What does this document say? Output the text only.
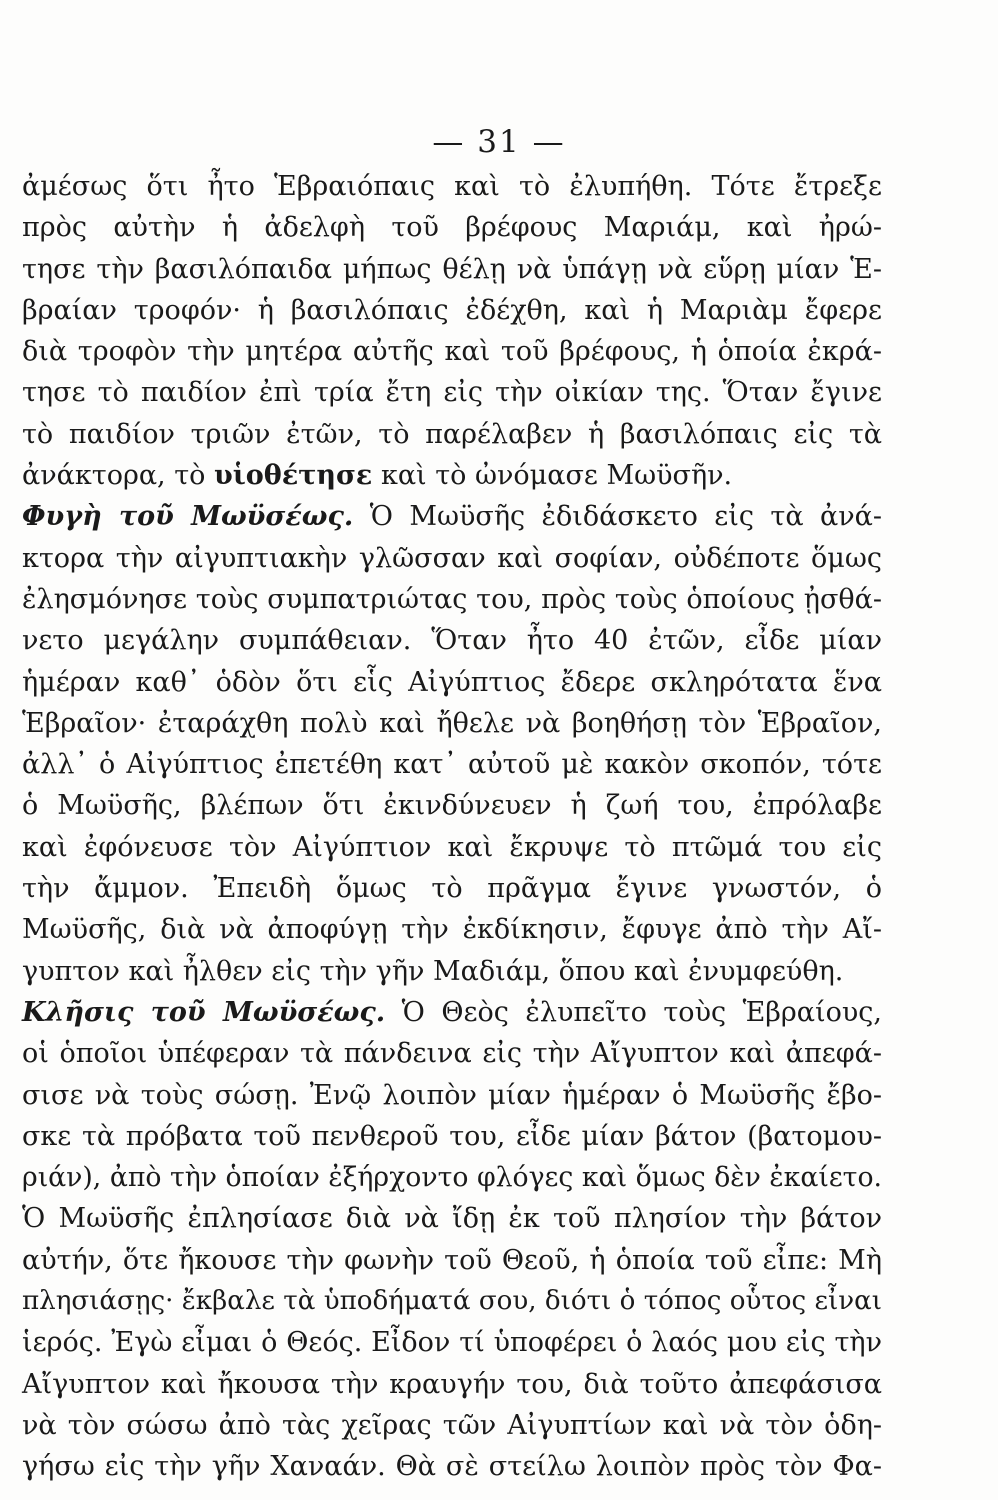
— 31 —
ἀμέσως ὅτι ἦτο Ἑβραιόπαις καὶ τὸ ἐλυπήθη. Τότε ἔτρεξε
πρὸς αὐτὴν ἡ ἀδελφὴ τοῦ βρέφους Μαριάμ, καὶ ἠρώ-
τησε τὴν βασιλόπαιδα μήπως θέλῃ νὰ ὑπάγῃ νὰ εὕρῃ μίαν Ἑ-
βραίαν τροφόν· ἡ βασιλόπαις ἐδέχθη, καὶ ἡ Μαριὰμ ἔφερε
διὰ τροφὸν τὴν μητέρα αὐτῆς καὶ τοῦ βρέφους, ἡ ὁποία ἐκρά-
τησε τὸ παιδίον ἐπὶ τρία ἔτη εἰς τὴν οἰκίαν της. Ὅταν ἔγινε
τὸ παιδίον τριῶν ἐτῶν, τὸ παρέλαβεν ἡ βασιλόπαις εἰς τὰ
ἀνάκτορα, τὸ υἱοθέτησε καὶ τὸ ὠνόμασε Μωϋσῆν.
Φυγὴ τοῦ Μωϋσέως. Ὁ Μωϋσῆς ἐδιδάσκετο εἰς τὰ ἀνά-
κτορα τὴν αἰγυπτιακὴν γλῶσσαν καὶ σοφίαν, οὐδέποτε ὅμως
ἐλησμόνησε τοὺς συμπατριώτας του, πρὸς τοὺς ὁποίους ᾐσθά-
νετο μεγάλην συμπάθειαν. Ὅταν ἦτο 40 ἐτῶν, εἶδε μίαν
ἡμέραν καθ᾽ ὁδὸν ὅτι εἷς Αἰγύπτιος ἔδερε σκληρότατα ἕνα
Ἑβραῖον· ἐταράχθη πολὺ καὶ ἤθελε νὰ βοηθήσῃ τὸν Ἑβραῖον,
ἀλλ᾽ ὁ Αἰγύπτιος ἐπετέθη κατ᾽ αὐτοῦ μὲ κακὸν σκοπόν, τότε
ὁ Μωϋσῆς, βλέπων ὅτι ἐκινδύνευεν ἡ ζωή του, ἐπρόλαβε
καὶ ἐφόνευσε τὸν Αἰγύπτιον καὶ ἔκρυψε τὸ πτῶμά του εἰς
τὴν ἄμμον. Ἐπειδὴ ὅμως τὸ πρᾶγμα ἔγινε γνωστόν, ὁ
Μωϋσῆς, διὰ νὰ ἀποφύγῃ τὴν ἐκδίκησιν, ἔφυγε ἀπὸ τὴν Αἴ-
γυπτον καὶ ἦλθεν εἰς τὴν γῆν Μαδιάμ, ὅπου καὶ ἐνυμφεύθη.
Κλῆσις τοῦ Μωϋσέως. Ὁ Θεὸς ἐλυπεῖτο τοὺς Ἑβραίους,
οἱ ὁποῖοι ὑπέφεραν τὰ πάνδεινα εἰς τὴν Αἴγυπτον καὶ ἀπεφά-
σισε νὰ τοὺς σώσῃ. Ἐνῷ λοιπὸν μίαν ἡμέραν ὁ Μωϋσῆς ἔβο-
σκε τὰ πρόβατα τοῦ πενθεροῦ του, εἶδε μίαν βάτον (βατομου-
ριάν), ἀπὸ τὴν ὁποίαν ἐξήρχοντο φλόγες καὶ ὅμως δὲν ἐκαίετο.
Ὁ Μωϋσῆς ἐπλησίασε διὰ νὰ ἴδῃ ἐκ τοῦ πλησίον τὴν βάτον
αὐτήν, ὅτε ἤκουσε τὴν φωνὴν τοῦ Θεοῦ, ἡ ὁποία τοῦ εἶπε: Μὴ
πλησιάσῃς· ἔκβαλε τὰ ὑποδήματά σου, διότι ὁ τόπος οὗτος εἶναι
ἱερός. Ἐγὼ εἶμαι ὁ Θεός. Εἶδον τί ὑποφέρει ὁ λαός μου εἰς τὴν
Αἴγυπτον καὶ ἤκουσα τὴν κραυγήν του, διὰ τοῦτο ἀπεφάσισα
νὰ τὸν σώσω ἀπὸ τὰς χεῖρας τῶν Αἰγυπτίων καὶ νὰ τὸν ὁδη-
γήσω εἰς τὴν γῆν Χαναάν. Θὰ σὲ στείλω λοιπὸν πρὸς τὸν Φα-
